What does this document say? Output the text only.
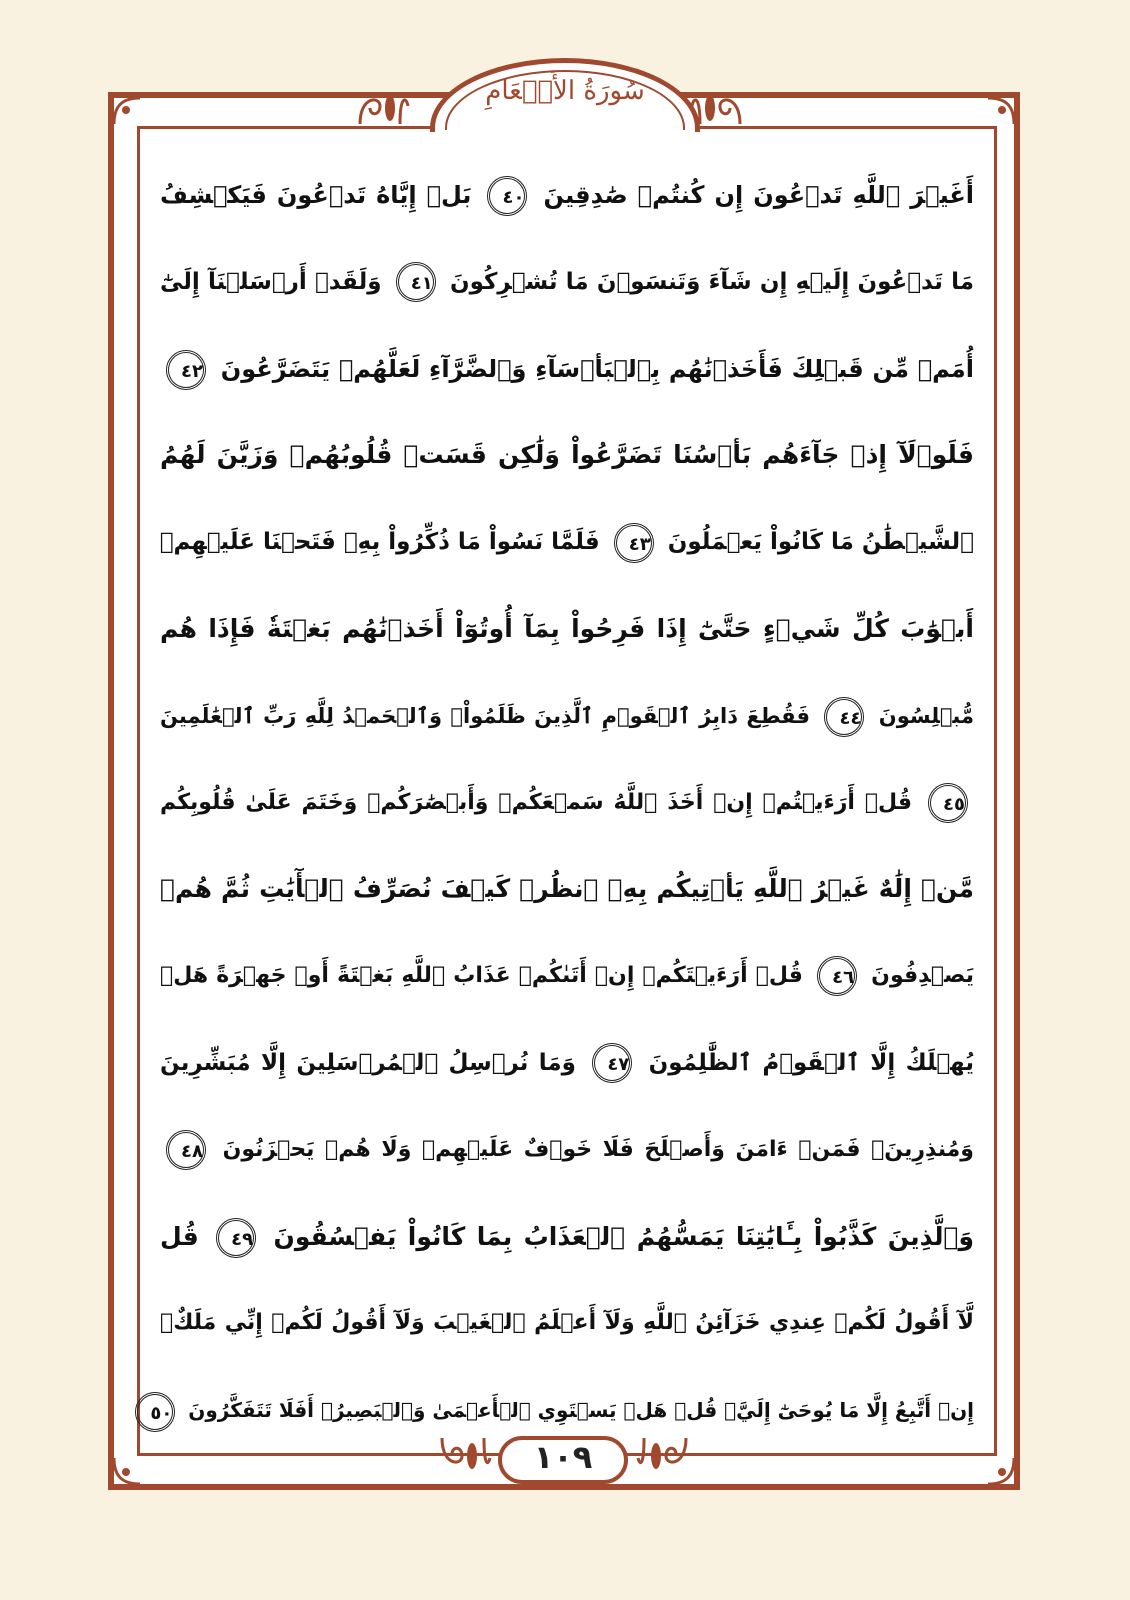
سُورَةُ الأَنۡعَامِ
١٠٩
أَغَيۡرَ ٱللَّهِ تَدۡعُونَ إِن كُنتُمۡ صَٰدِقِينَ ٤٠ بَلۡ إِيَّاهُ تَدۡعُونَ فَيَكۡشِفُ
مَا تَدۡعُونَ إِلَيۡهِ إِن شَآءَ وَتَنسَوۡنَ مَا تُشۡرِكُونَ ٤١ وَلَقَدۡ أَرۡسَلۡنَآ إِلَىٰٓ
أُمَمٖ مِّن قَبۡلِكَ فَأَخَذۡنَٰهُم بِٱلۡبَأۡسَآءِ وَٱلضَّرَّآءِ لَعَلَّهُمۡ يَتَضَرَّعُونَ ٤٢
فَلَوۡلَآ إِذۡ جَآءَهُم بَأۡسُنَا تَضَرَّعُواْ وَلَٰكِن قَسَتۡ قُلُوبُهُمۡ وَزَيَّنَ لَهُمُ
ٱلشَّيۡطَٰنُ مَا كَانُواْ يَعۡمَلُونَ ٤٣ فَلَمَّا نَسُواْ مَا ذُكِّرُواْ بِهِۦ فَتَحۡنَا عَلَيۡهِمۡ
أَبۡوَٰبَ كُلِّ شَيۡءٍ حَتَّىٰٓ إِذَا فَرِحُواْ بِمَآ أُوتُوٓاْ أَخَذۡنَٰهُم بَغۡتَةٗ فَإِذَا هُم
مُّبۡلِسُونَ ٤٤ فَقُطِعَ دَابِرُ ٱلۡقَوۡمِ ٱلَّذِينَ ظَلَمُواْۚ وَٱلۡحَمۡدُ لِلَّهِ رَبِّ ٱلۡعَٰلَمِينَ
٤٥ قُلۡ أَرَءَيۡتُمۡ إِنۡ أَخَذَ ٱللَّهُ سَمۡعَكُمۡ وَأَبۡصَٰرَكُمۡ وَخَتَمَ عَلَىٰ قُلُوبِكُم
مَّنۡ إِلَٰهٌ غَيۡرُ ٱللَّهِ يَأۡتِيكُم بِهِۗ ٱنظُرۡ كَيۡفَ نُصَرِّفُ ٱلۡأٓيَٰتِ ثُمَّ هُمۡ
يَصۡدِفُونَ ٤٦ قُلۡ أَرَءَيۡتَكُمۡ إِنۡ أَتَىٰكُمۡ عَذَابُ ٱللَّهِ بَغۡتَةً أَوۡ جَهۡرَةً هَلۡ
يُهۡلَكُ إِلَّا ٱلۡقَوۡمُ ٱلظَّٰلِمُونَ ٤٧ وَمَا نُرۡسِلُ ٱلۡمُرۡسَلِينَ إِلَّا مُبَشِّرِينَ
وَمُنذِرِينَۖ فَمَنۡ ءَامَنَ وَأَصۡلَحَ فَلَا خَوۡفٌ عَلَيۡهِمۡ وَلَا هُمۡ يَحۡزَنُونَ ٤٨
وَٱلَّذِينَ كَذَّبُواْ بِـَٔايَٰتِنَا يَمَسُّهُمُ ٱلۡعَذَابُ بِمَا كَانُواْ يَفۡسُقُونَ ٤٩ قُل
لَّآ أَقُولُ لَكُمۡ عِندِي خَزَآئِنُ ٱللَّهِ وَلَآ أَعۡلَمُ ٱلۡغَيۡبَ وَلَآ أَقُولُ لَكُمۡ إِنِّي مَلَكٌۖ
إِنۡ أَتَّبِعُ إِلَّا مَا يُوحَىٰٓ إِلَيَّۚ قُلۡ هَلۡ يَسۡتَوِي ٱلۡأَعۡمَىٰ وَٱلۡبَصِيرُۚ أَفَلَا تَتَفَكَّرُونَ ٥٠
